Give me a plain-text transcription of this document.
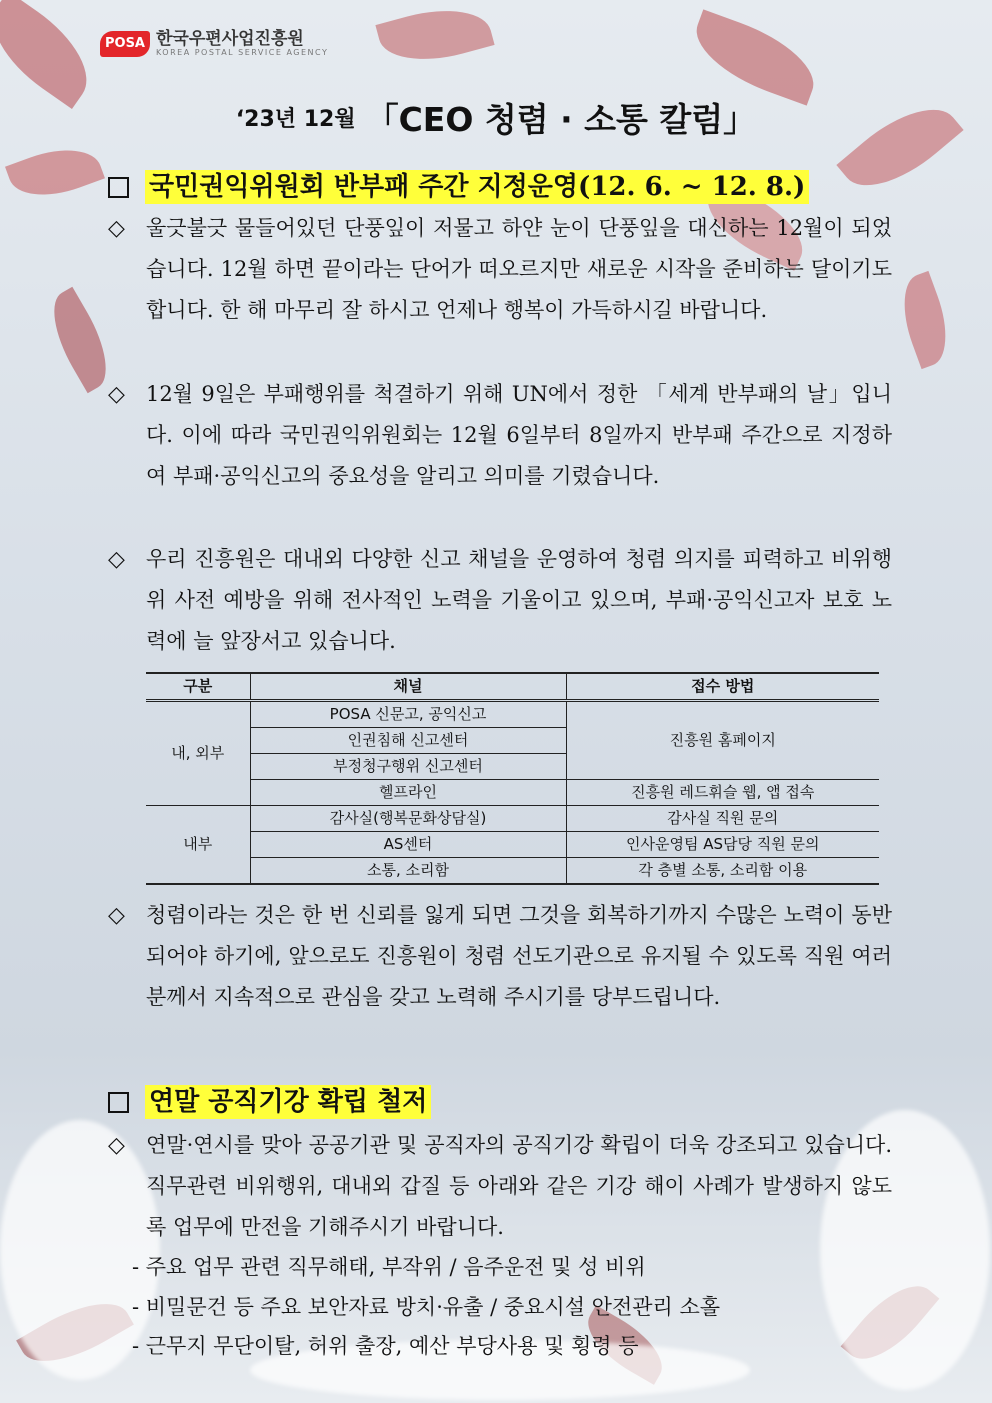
POSA 한국우편사업진흥원
KOREA POSTAL SERVICE AGENCY
‘23년 12월 「CEO 청렴 · 소통 칼럼」
국민권익위원회 반부패 주간 지정운영(12. 6. ~ 12. 8.)
◇ 울긋불긋 물들어있던 단풍잎이 저물고 하얀 눈이 단풍잎을 대신하는 12월이 되었습니다. 12월 하면 끝이라는 단어가 떠오르지만 새로운 시작을 준비하는 달이기도 합니다. 한 해 마무리 잘 하시고 언제나 행복이 가득하시길 바랍니다.
◇ 12월 9일은 부패행위를 척결하기 위해 UN에서 정한 「세계 반부패의 날」입니다. 이에 따라 국민권익위원회는 12월 6일부터 8일까지 반부패 주간으로 지정하여 부패·공익신고의 중요성을 알리고 의미를 기렸습니다.
◇ 우리 진흥원은 대내외 다양한 신고 채널을 운영하여 청렴 의지를 피력하고 비위행위 사전 예방을 위해 전사적인 노력을 기울이고 있으며, 부패·공익신고자 보호 노력에 늘 앞장서고 있습니다.
구분	채널	접수 방법
내, 외부	POSA 신문고, 공익신고	진흥원 홈페이지
	인권침해 신고센터	
	부정청구행위 신고센터	
	헬프라인	진흥원 레드휘슬 웹, 앱 접속
내부	감사실(행복문화상담실)	감사실 직원 문의
	AS센터	인사운영팀 AS담당 직원 문의
	소통, 소리함	각 층별 소통, 소리함 이용
◇ 청렴이라는 것은 한 번 신뢰를 잃게 되면 그것을 회복하기까지 수많은 노력이 동반되어야 하기에, 앞으로도 진흥원이 청렴 선도기관으로 유지될 수 있도록 직원 여러분께서 지속적으로 관심을 갖고 노력해 주시기를 당부드립니다.
연말 공직기강 확립 철저
◇ 연말·연시를 맞아 공공기관 및 공직자의 공직기강 확립이 더욱 강조되고 있습니다. 직무관련 비위행위, 대내외 갑질 등 아래와 같은 기강 해이 사례가 발생하지 않도록 업무에 만전을 기해주시기 바랍니다.
- 주요 업무 관련 직무해태, 부작위 / 음주운전 및 성 비위
- 비밀문건 등 주요 보안자료 방치·유출 / 중요시설 안전관리 소홀
- 근무지 무단이탈, 허위 출장, 예산 부당사용 및 횡령 등
